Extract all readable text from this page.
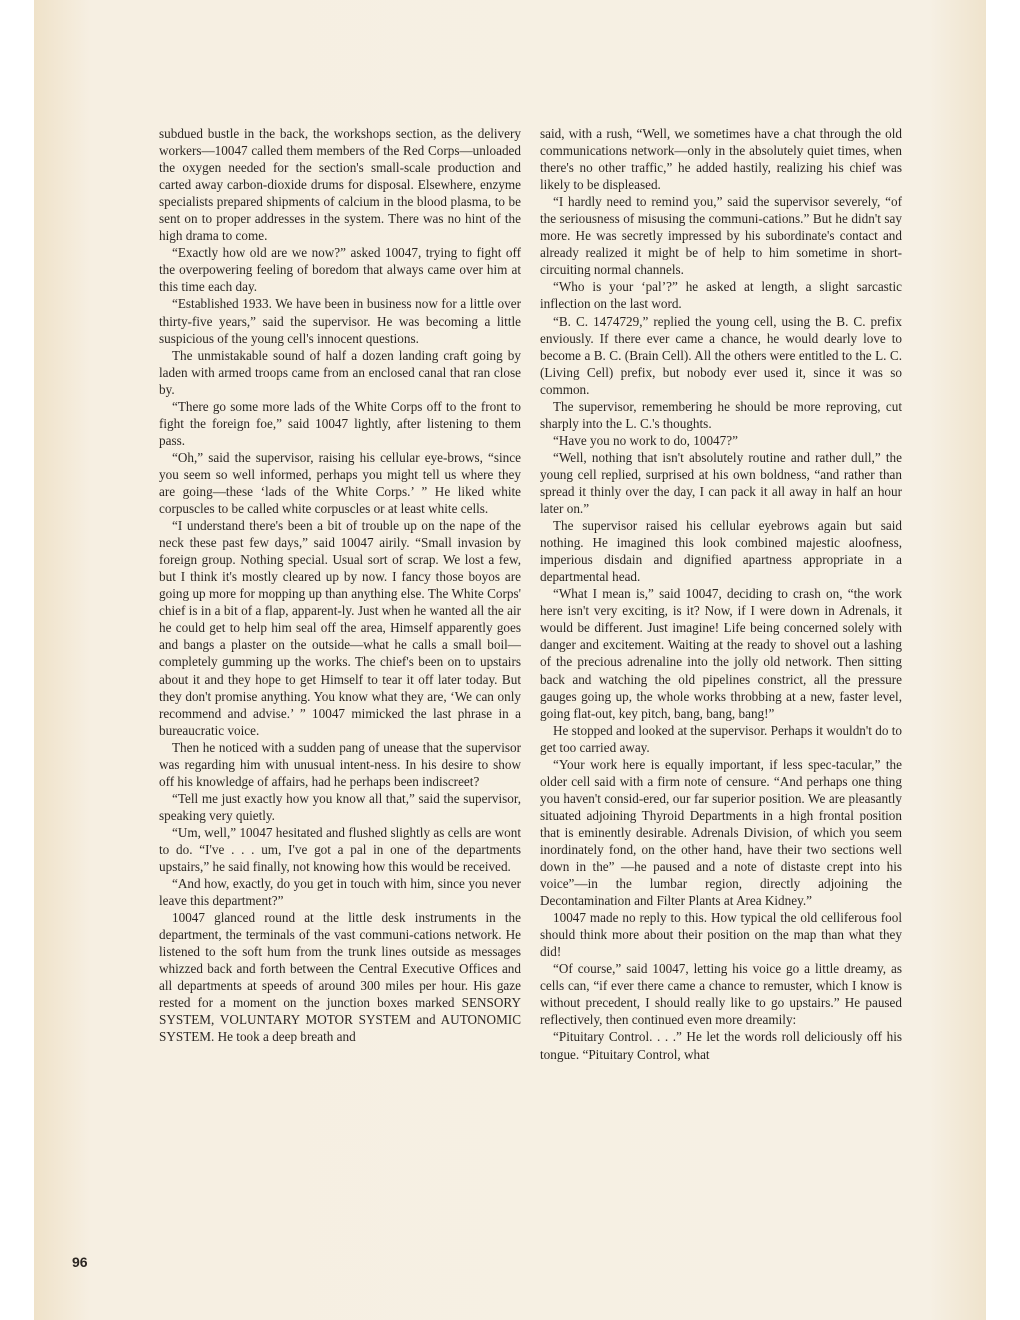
subdued bustle in the back, the workshops section, as the delivery workers—10047 called them members of the Red Corps—unloaded the oxygen needed for the section's small-scale production and carted away carbon-dioxide drums for disposal. Elsewhere, enzyme specialists prepared shipments of calcium in the blood plasma, to be sent on to proper addresses in the system. There was no hint of the high drama to come.

“Exactly how old are we now?” asked 10047, trying to fight off the overpowering feeling of boredom that always came over him at this time each day.

“Established 1933. We have been in business now for a little over thirty-five years,” said the supervisor. He was becoming a little suspicious of the young cell's innocent questions.

The unmistakable sound of half a dozen landing craft going by laden with armed troops came from an enclosed canal that ran close by.

“There go some more lads of the White Corps off to the front to fight the foreign foe,” said 10047 lightly, after listening to them pass.

“Oh,” said the supervisor, raising his cellular eye-brows, “since you seem so well informed, perhaps you might tell us where they are going—these ‘lads of the White Corps.’ ” He liked white corpuscles to be called white corpuscles or at least white cells.

“I understand there's been a bit of trouble up on the nape of the neck these past few days,” said 10047 airily. “Small invasion by foreign group. Nothing special. Usual sort of scrap. We lost a few, but I think it's mostly cleared up by now. I fancy those boyos are going up more for mopping up than anything else. The White Corps' chief is in a bit of a flap, apparent-ly. Just when he wanted all the air he could get to help him seal off the area, Himself apparently goes and bangs a plaster on the outside—what he calls a small boil—completely gumming up the works. The chief's been on to upstairs about it and they hope to get Himself to tear it off later today. But they don't promise anything. You know what they are, ‘We can only recommend and advise.’ ” 10047 mimicked the last phrase in a bureaucratic voice.

Then he noticed with a sudden pang of unease that the supervisor was regarding him with unusual intent-ness. In his desire to show off his knowledge of affairs, had he perhaps been indiscreet?

“Tell me just exactly how you know all that,” said the supervisor, speaking very quietly.

“Um, well,” 10047 hesitated and flushed slightly as cells are wont to do. “I've . . . um, I've got a pal in one of the departments upstairs,” he said finally, not knowing how this would be received.

“And how, exactly, do you get in touch with him, since you never leave this department?”

10047 glanced round at the little desk instruments in the department, the terminals of the vast communi-cations network. He listened to the soft hum from the trunk lines outside as messages whizzed back and forth between the Central Executive Offices and all departments at speeds of around 300 miles per hour. His gaze rested for a moment on the junction boxes marked SENSORY SYSTEM, VOLUNTARY MOTOR SYSTEM and AUTONOMIC SYSTEM. He took a deep breath and

said, with a rush, “Well, we sometimes have a chat through the old communications network—only in the absolutely quiet times, when there's no other traffic,” he added hastily, realizing his chief was likely to be displeased.

“I hardly need to remind you,” said the supervisor severely, “of the seriousness of misusing the communi-cations.” But he didn't say more. He was secretly impressed by his subordinate's contact and already realized it might be of help to him sometime in short-circuiting normal channels.

“Who is your ‘pal’?” he asked at length, a slight sarcastic inflection on the last word.

“B. C. 1474729,” replied the young cell, using the B. C. prefix enviously. If there ever came a chance, he would dearly love to become a B. C. (Brain Cell). All the others were entitled to the L. C. (Living Cell) prefix, but nobody ever used it, since it was so common.

The supervisor, remembering he should be more reproving, cut sharply into the L. C.'s thoughts.

“Have you no work to do, 10047?”

“Well, nothing that isn't absolutely routine and rather dull,” the young cell replied, surprised at his own boldness, “and rather than spread it thinly over the day, I can pack it all away in half an hour later on.”

The supervisor raised his cellular eyebrows again but said nothing. He imagined this look combined majestic aloofness, imperious disdain and dignified apartness appropriate in a departmental head.

“What I mean is,” said 10047, deciding to crash on, “the work here isn't very exciting, is it? Now, if I were down in Adrenals, it would be different. Just imagine! Life being concerned solely with danger and excitement. Waiting at the ready to shovel out a lashing of the precious adrenaline into the jolly old network. Then sitting back and watching the old pipelines constrict, all the pressure gauges going up, the whole works throbbing at a new, faster level, going flat-out, key pitch, bang, bang, bang!”

He stopped and looked at the supervisor. Perhaps it wouldn't do to get too carried away.

“Your work here is equally important, if less spec-tacular,” the older cell said with a firm note of censure. “And perhaps one thing you haven't consid-ered, our far superior position. We are pleasantly situated adjoining Thyroid Departments in a high frontal position that is eminently desirable. Adrenals Division, of which you seem inordinately fond, on the other hand, have their two sections well down in the” —he paused and a note of distaste crept into his voice”—in the lumbar region, directly adjoining the Decontamination and Filter Plants at Area Kidney.”

10047 made no reply to this. How typical the old celliferous fool should think more about their position on the map than what they did!

“Of course,” said 10047, letting his voice go a little dreamy, as cells can, “if ever there came a chance to remuster, which I know is without precedent, I should really like to go upstairs.” He paused reflectively, then continued even more dreamily:

“Pituitary Control. . . .” He let the words roll deliciously off his tongue. “Pituitary Control, what

96
